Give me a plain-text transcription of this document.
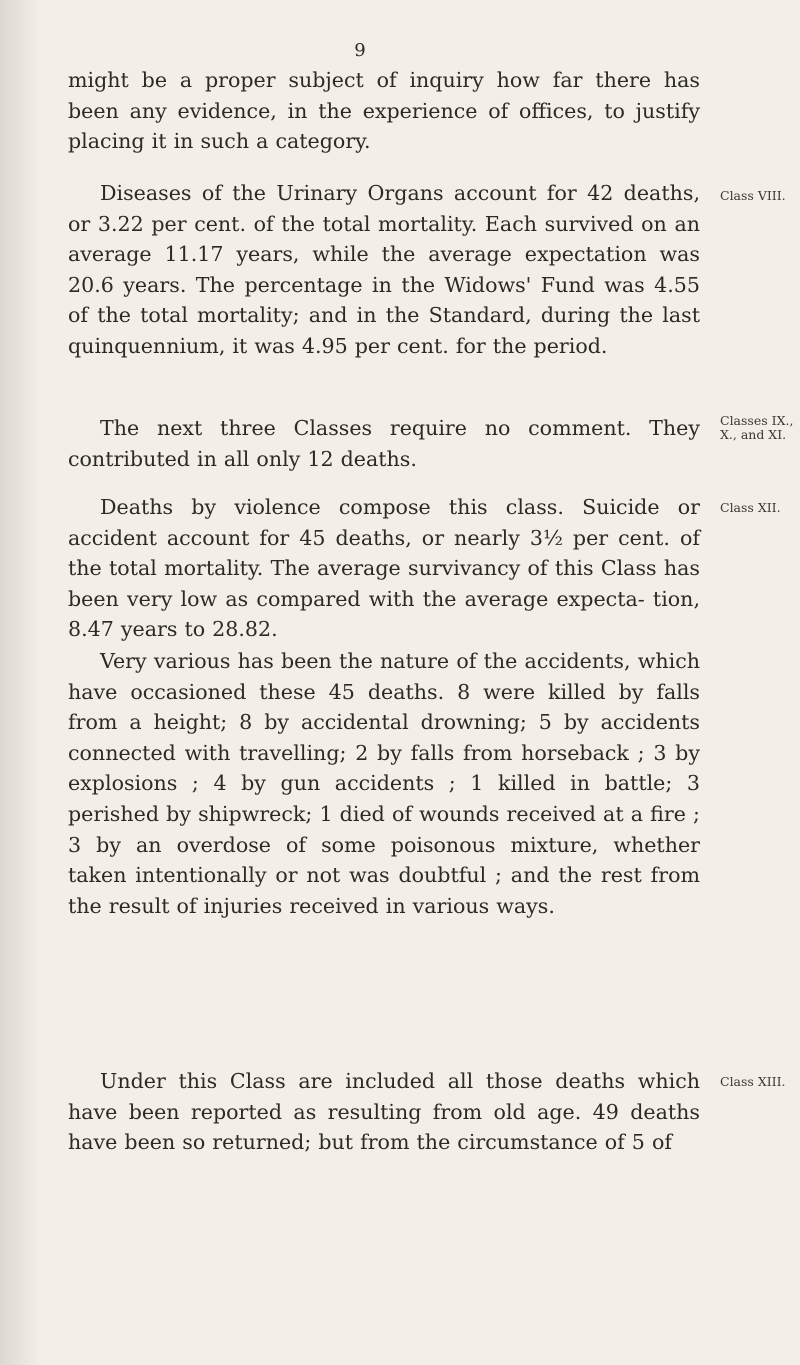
9

might be a proper subject of inquiry how far there has been any evidence, in the experience of offices, to justify placing it in such a category.

Diseases of the Urinary Organs account for 42 deaths, or 3.22 per cent. of the total mortality. Each survived on an average 11.17 years, while the average expectation was 20.6 years. The percentage in the Widows' Fund was 4.55 of the total mortality; and in the Standard, during the last quinquennium, it was 4.95 per cent. for the period.

The next three Classes require no comment. They contributed in all only 12 deaths.

Deaths by violence compose this class. Suicide or accident account for 45 deaths, or nearly 3½ per cent. of the total mortality. The average survivancy of this Class has been very low as compared with the average expecta- tion, 8.47 years to 28.82.

Very various has been the nature of the accidents, which have occasioned these 45 deaths. 8 were killed by falls from a height; 8 by accidental drowning; 5 by accidents connected with travelling; 2 by falls from horseback ; 3 by explosions ; 4 by gun accidents ; 1 killed in battle; 3 perished by shipwreck; 1 died of wounds received at a fire ; 3 by an overdose of some poisonous mixture, whether taken intentionally or not was doubtful ; and the rest from the result of injuries received in various ways.

Under this Class are included all those deaths which have been reported as resulting from old age. 49 deaths have been so returned; but from the circumstance of 5 of

Class VIII.
Classes IX.,
X., and XI.
Class XII.
Class XIII.
